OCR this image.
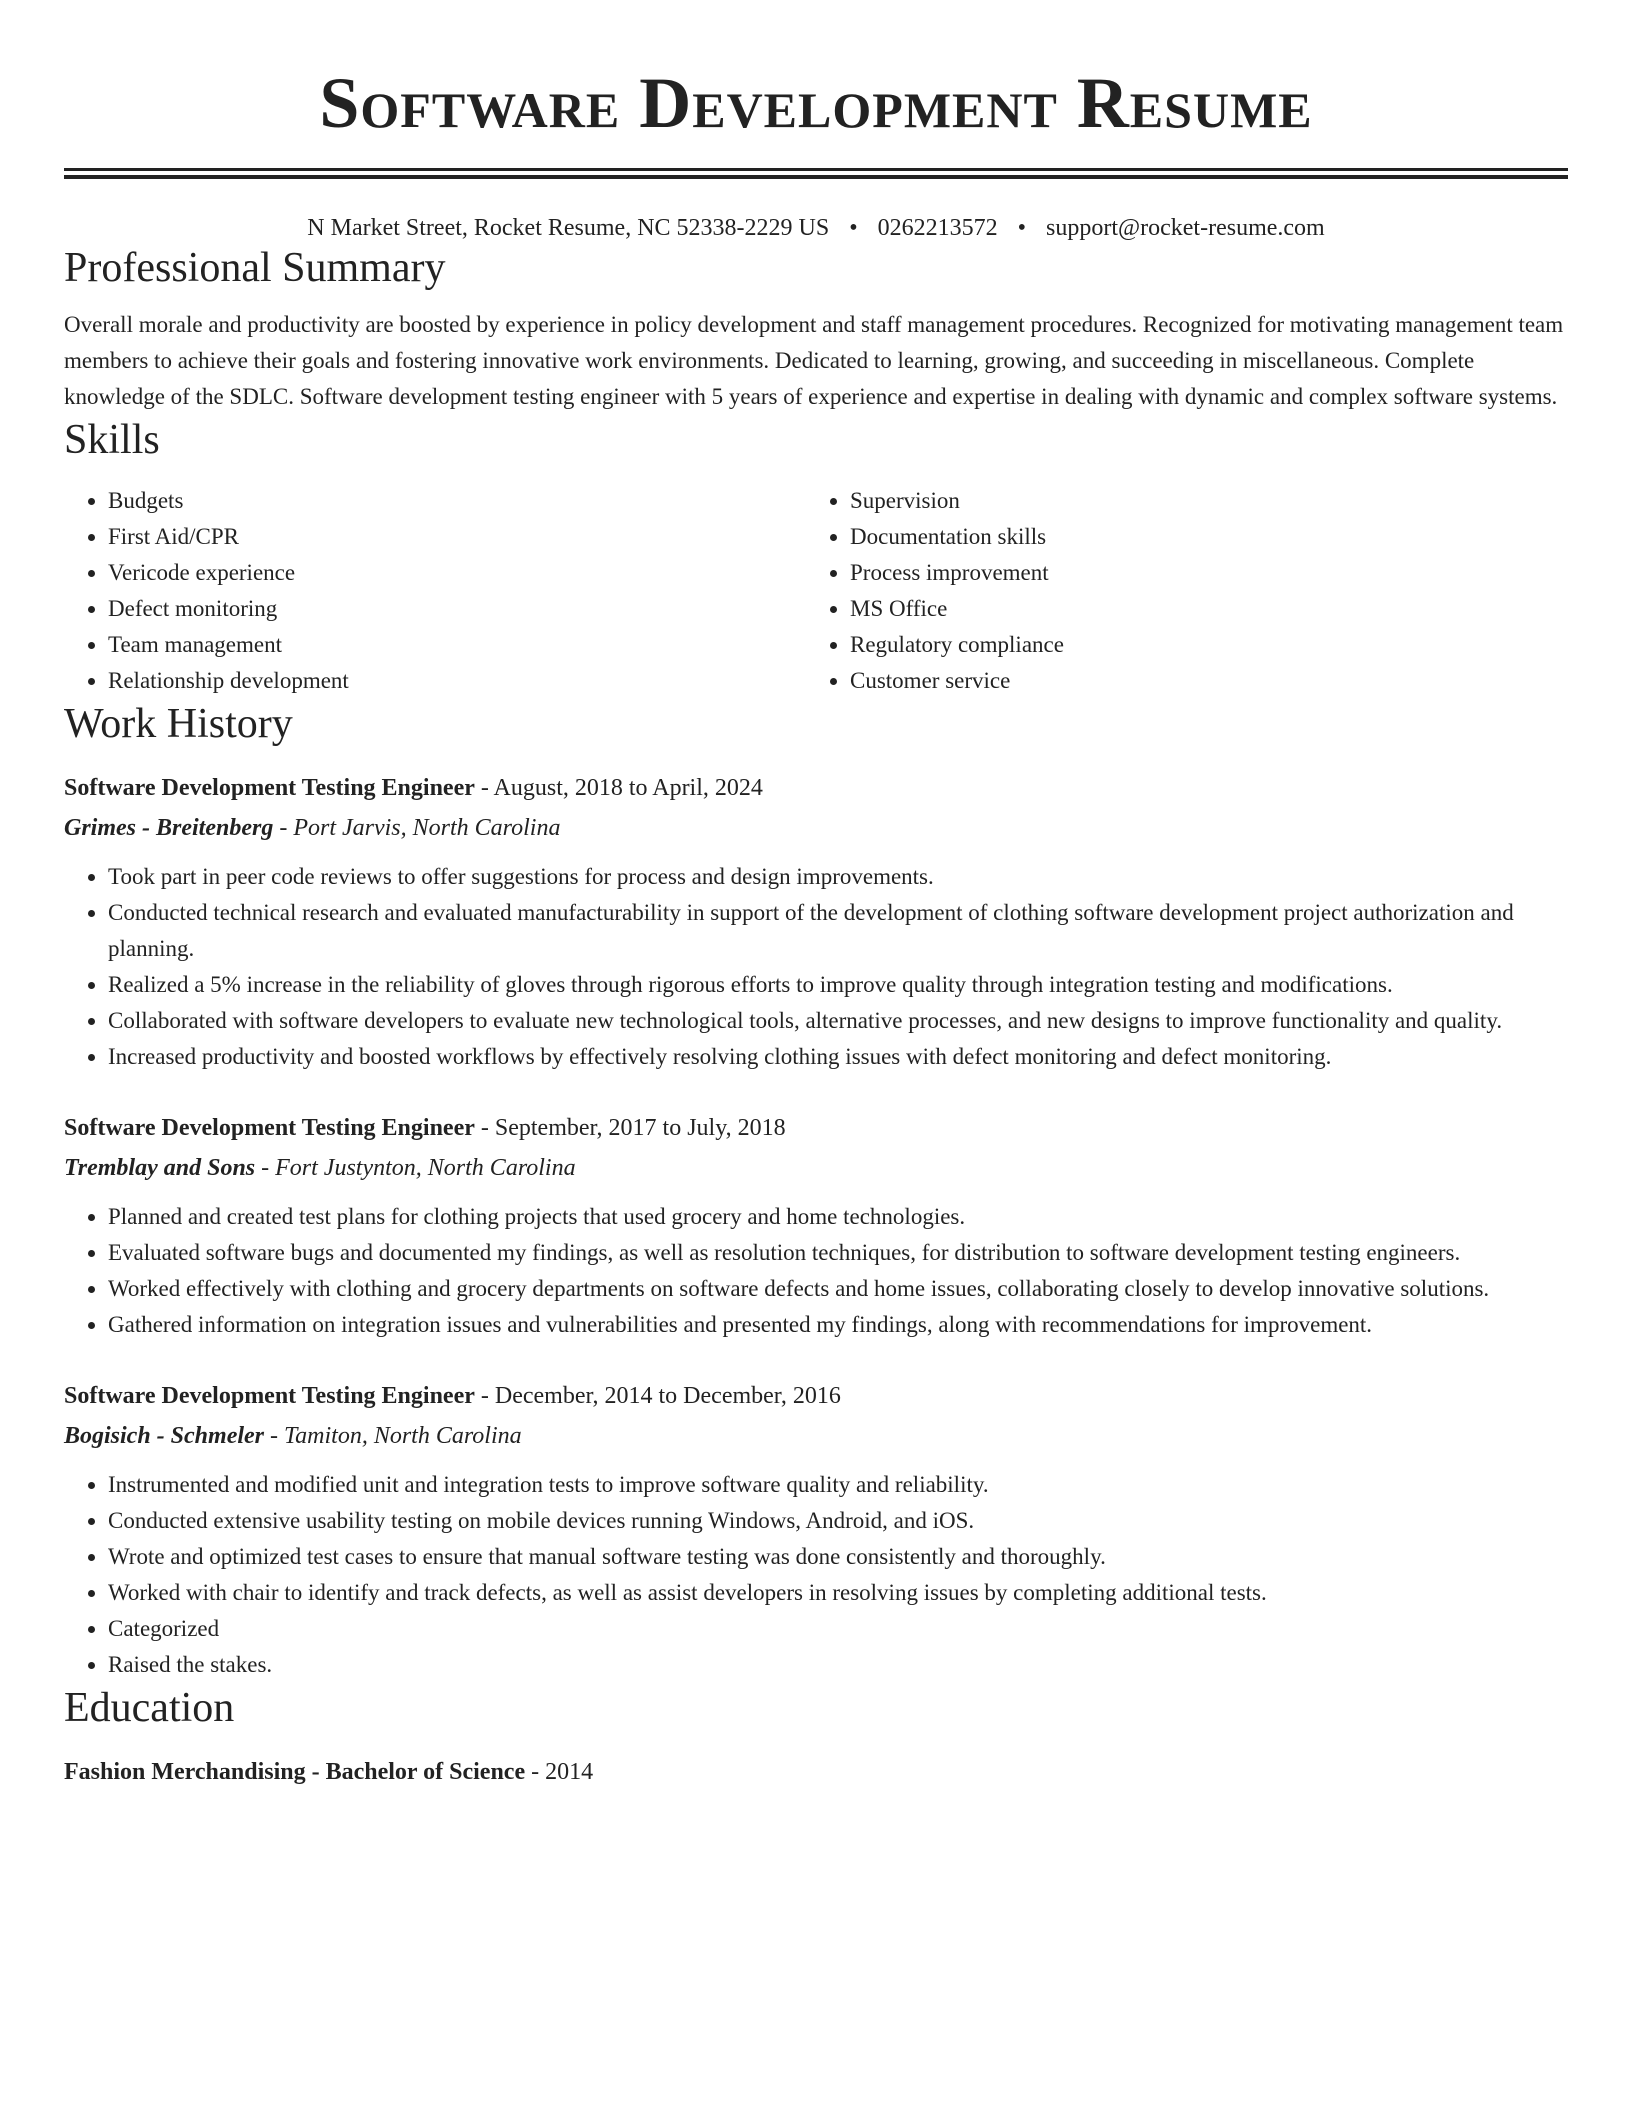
Software Development Resume
N Market Street, Rocket Resume, NC 52338-2229 US • 0262213572 • support@rocket-resume.com
Professional Summary
Overall morale and productivity are boosted by experience in policy development and staff management procedures. Recognized for motivating management team members to achieve their goals and fostering innovative work environments. Dedicated to learning, growing, and succeeding in miscellaneous. Complete knowledge of the SDLC. Software development testing engineer with 5 years of experience and expertise in dealing with dynamic and complex software systems.
Skills
• Budgets
• First Aid/CPR
• Vericode experience
• Defect monitoring
• Team management
• Relationship development
• Supervision
• Documentation skills
• Process improvement
• MS Office
• Regulatory compliance
• Customer service
Work History
Software Development Testing Engineer - August, 2018 to April, 2024
Grimes - Breitenberg - Port Jarvis, North Carolina
• Took part in peer code reviews to offer suggestions for process and design improvements.
• Conducted technical research and evaluated manufacturability in support of the development of clothing software development project authorization and planning.
• Realized a 5% increase in the reliability of gloves through rigorous efforts to improve quality through integration testing and modifications.
• Collaborated with software developers to evaluate new technological tools, alternative processes, and new designs to improve functionality and quality.
• Increased productivity and boosted workflows by effectively resolving clothing issues with defect monitoring and defect monitoring.
Software Development Testing Engineer - September, 2017 to July, 2018
Tremblay and Sons - Fort Justynton, North Carolina
• Planned and created test plans for clothing projects that used grocery and home technologies.
• Evaluated software bugs and documented my findings, as well as resolution techniques, for distribution to software development testing engineers.
• Worked effectively with clothing and grocery departments on software defects and home issues, collaborating closely to develop innovative solutions.
• Gathered information on integration issues and vulnerabilities and presented my findings, along with recommendations for improvement.
Software Development Testing Engineer - December, 2014 to December, 2016
Bogisich - Schmeler - Tamiton, North Carolina
• Instrumented and modified unit and integration tests to improve software quality and reliability.
• Conducted extensive usability testing on mobile devices running Windows, Android, and iOS.
• Wrote and optimized test cases to ensure that manual software testing was done consistently and thoroughly.
• Worked with chair to identify and track defects, as well as assist developers in resolving issues by completing additional tests.
• Categorized
• Raised the stakes.
Education
Fashion Merchandising - Bachelor of Science - 2014
